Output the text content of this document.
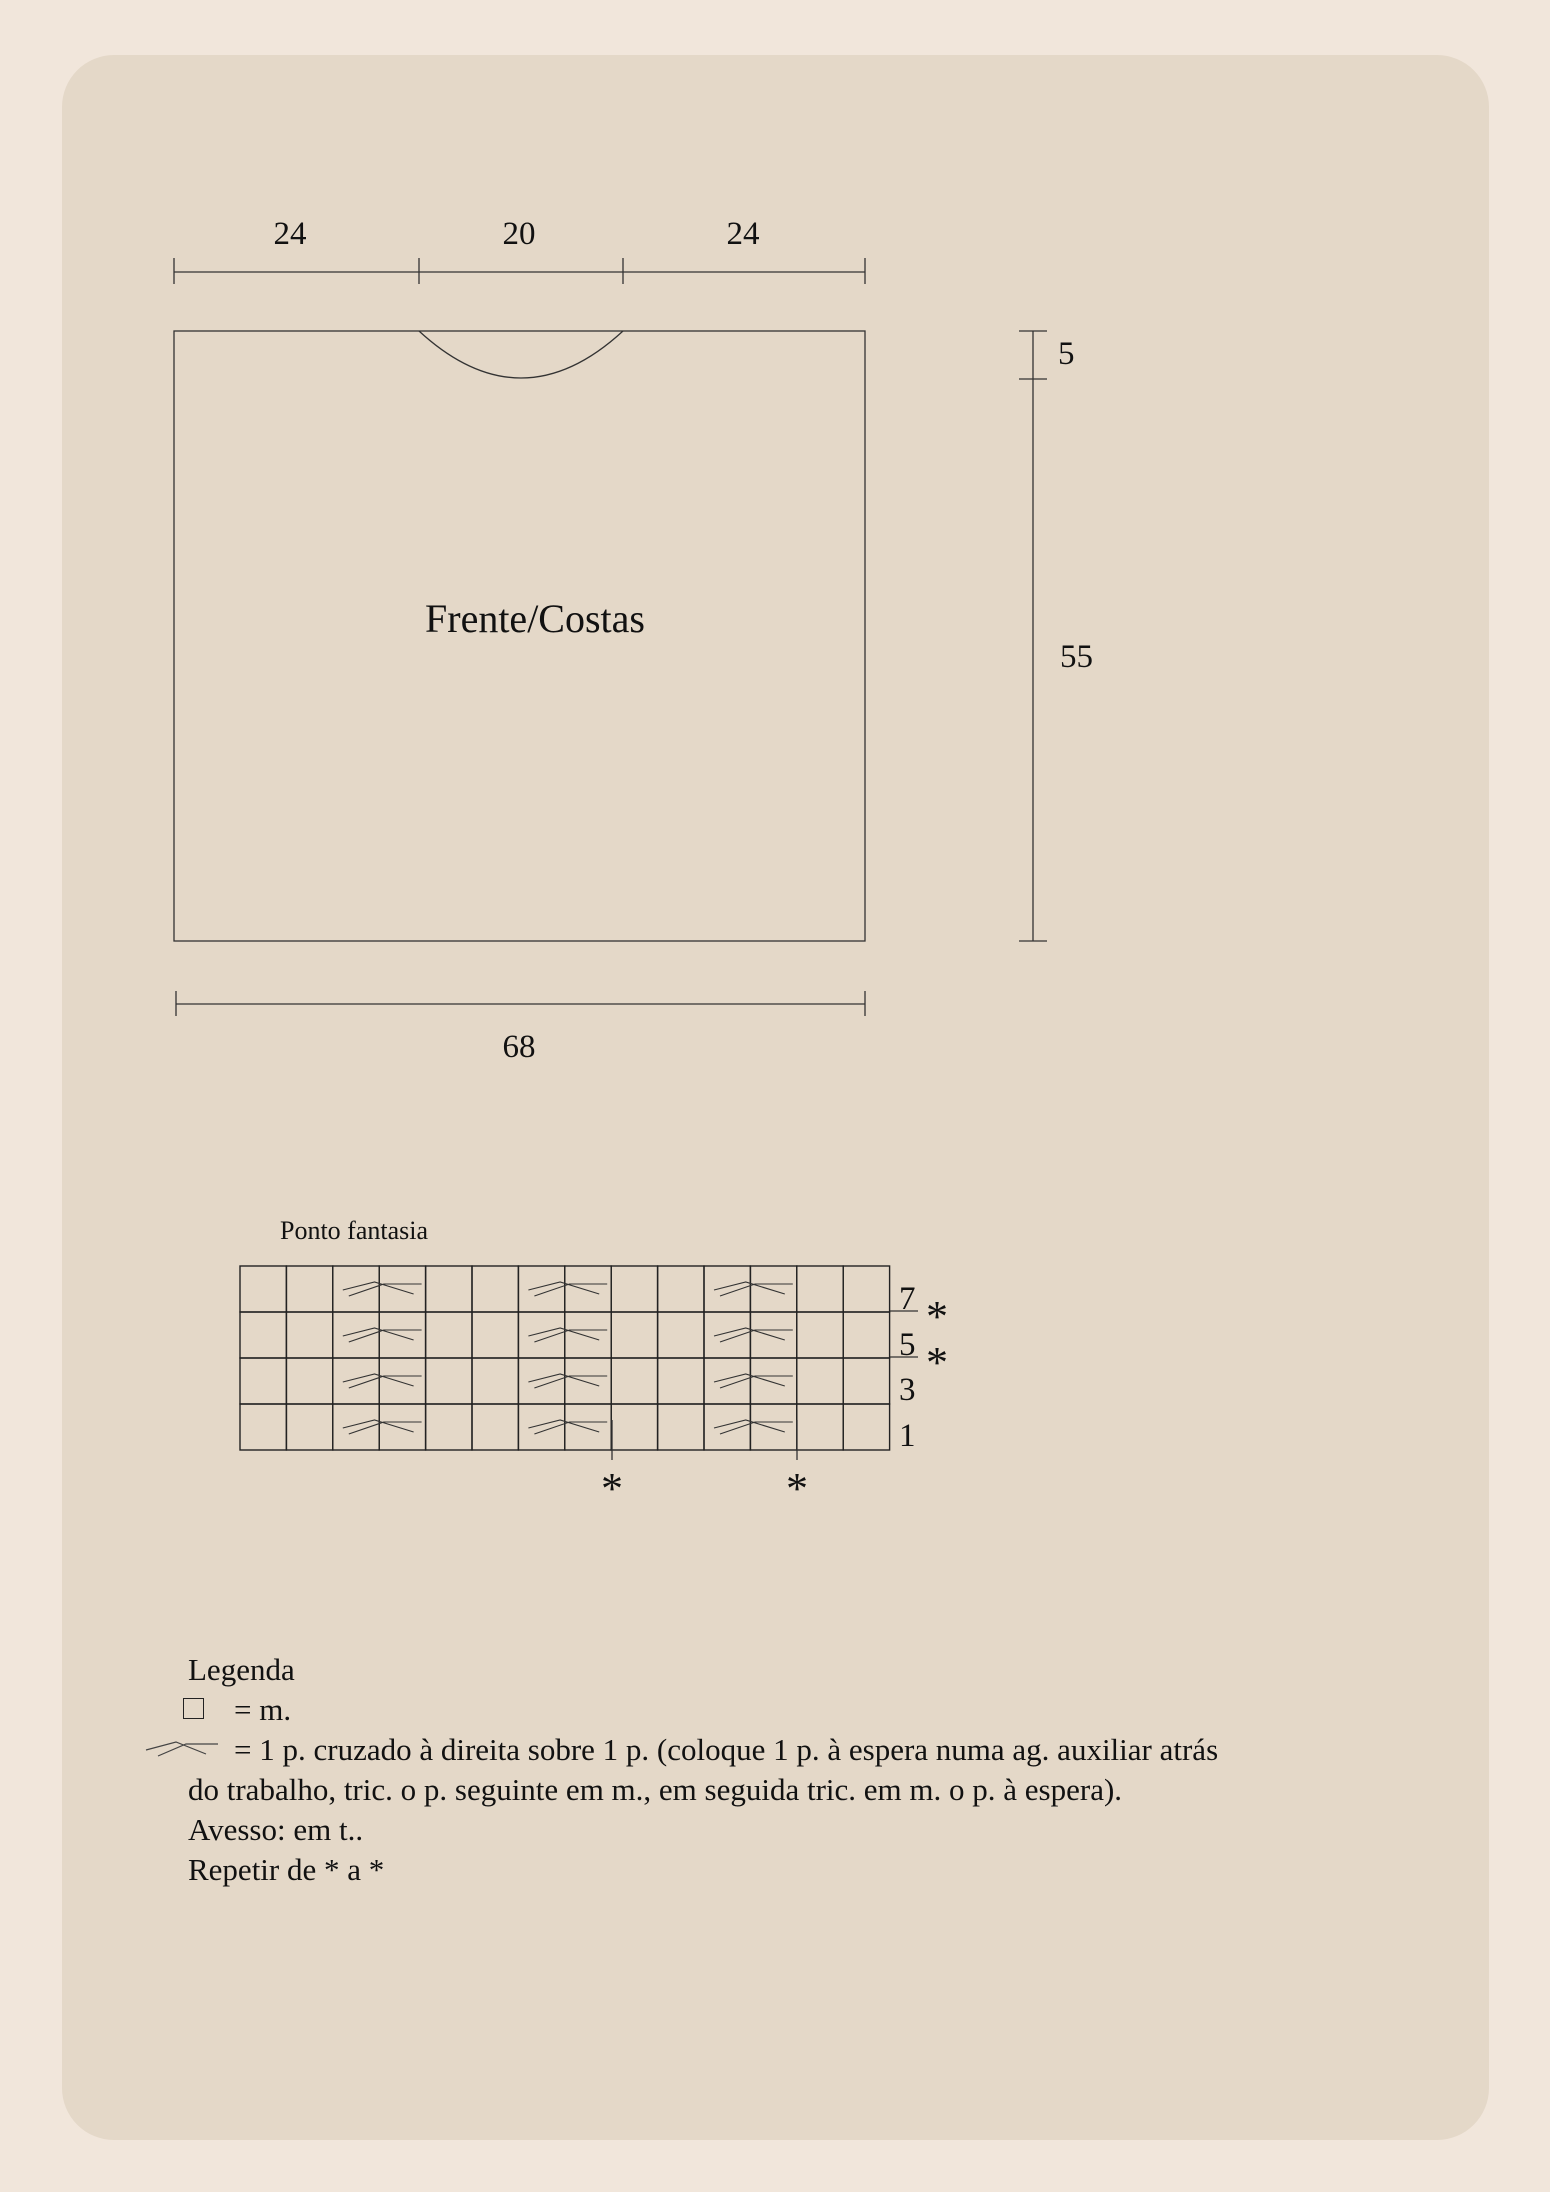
24	20	24
Frente/Costas
5
55
68
Ponto fantasia
7
5
3
1
*
*
*	*
Legenda
= m.
= 1 p. cruzado à direita sobre 1 p. (coloque 1 p. à espera numa ag. auxiliar atrás
do trabalho, tric. o p. seguinte em m., em seguida tric. em m. o p. à espera).
Avesso: em t..
Repetir de * a *
